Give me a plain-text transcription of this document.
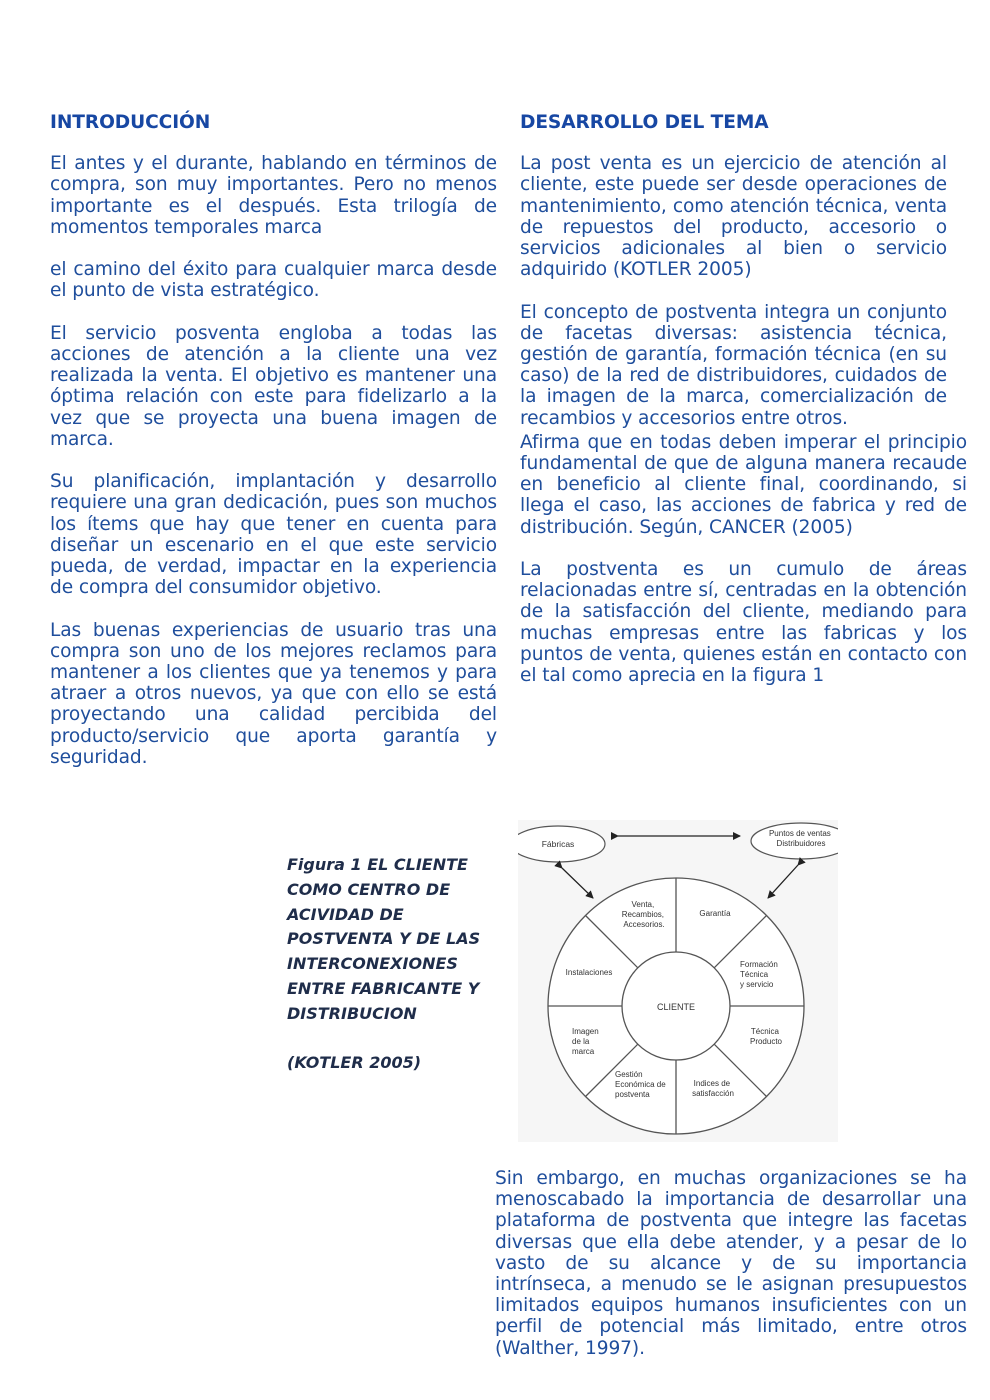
INTRODUCCIÓN

El antes y el durante, hablando en términos de compra, son muy importantes. Pero no menos importante es el después. Esta trilogía de momentos temporales marca

el camino del éxito para cualquier marca desde el punto de vista estratégico.

El servicio posventa engloba a todas las acciones de atención a la cliente una vez realizada la venta. El objetivo es mantener una óptima relación con este para fidelizarlo a la vez que se proyecta una buena imagen de marca.

Su planificación, implantación y desarrollo requiere una gran dedicación, pues son muchos los ítems que hay que tener en cuenta para diseñar un escenario en el que este servicio pueda, de verdad, impactar en la experiencia de compra del consumidor objetivo.

Las buenas experiencias de usuario tras una compra son uno de los mejores reclamos para mantener a los clientes que ya tenemos y para atraer a otros nuevos, ya que con ello se está proyectando una calidad percibida del producto/servicio que aporta garantía y seguridad.

DESARROLLO DEL TEMA

La post venta es un ejercicio de atención al cliente, este puede ser desde operaciones de mantenimiento, como atención técnica, venta de repuestos del producto, accesorio o servicios adicionales al bien o servicio adquirido (KOTLER 2005)

El concepto de postventa integra un conjunto de facetas diversas: asistencia técnica, gestión de garantía, formación técnica (en su caso) de la red de distribuidores, cuidados de la imagen de la marca, comercialización de recambios y accesorios entre otros.

Afirma que en todas deben imperar el principio fundamental de que de alguna manera recaude en beneficio al cliente final, coordinando, si llega el caso, las acciones de fabrica y red de distribución. Según, CANCER (2005)

La postventa es un cumulo de áreas relacionadas entre sí, centradas en la obtención de la satisfacción del cliente, mediando para muchas empresas entre las fabricas y los puntos de venta, quienes están en contacto con el tal como aprecia en la figura 1

Figura 1 EL CLIENTE COMO CENTRO DE ACIVIDAD DE POSTVENTA Y DE LAS INTERCONEXIONES ENTRE FABRICANTE Y DISTRIBUCION

(KOTLER 2005)

CLIENTE
Fábricas
Puntos de ventas Distribuidores
Venta, Recambios, Accesorios.
Garantía
Formación Técnica y servicio
Técnica Producto
Indices de satisfacción
Gestión Económica de postventa
Imagen de la marca
Instalaciones

Sin embargo, en muchas organizaciones se ha menoscabado la importancia de desarrollar una plataforma de postventa que integre las facetas diversas que ella debe atender, y a pesar de lo vasto de su alcance y de su importancia intrínseca, a menudo se le asignan presupuestos limitados equipos humanos insuficientes con un perfil de potencial más limitado, entre otros (Walther, 1997).
